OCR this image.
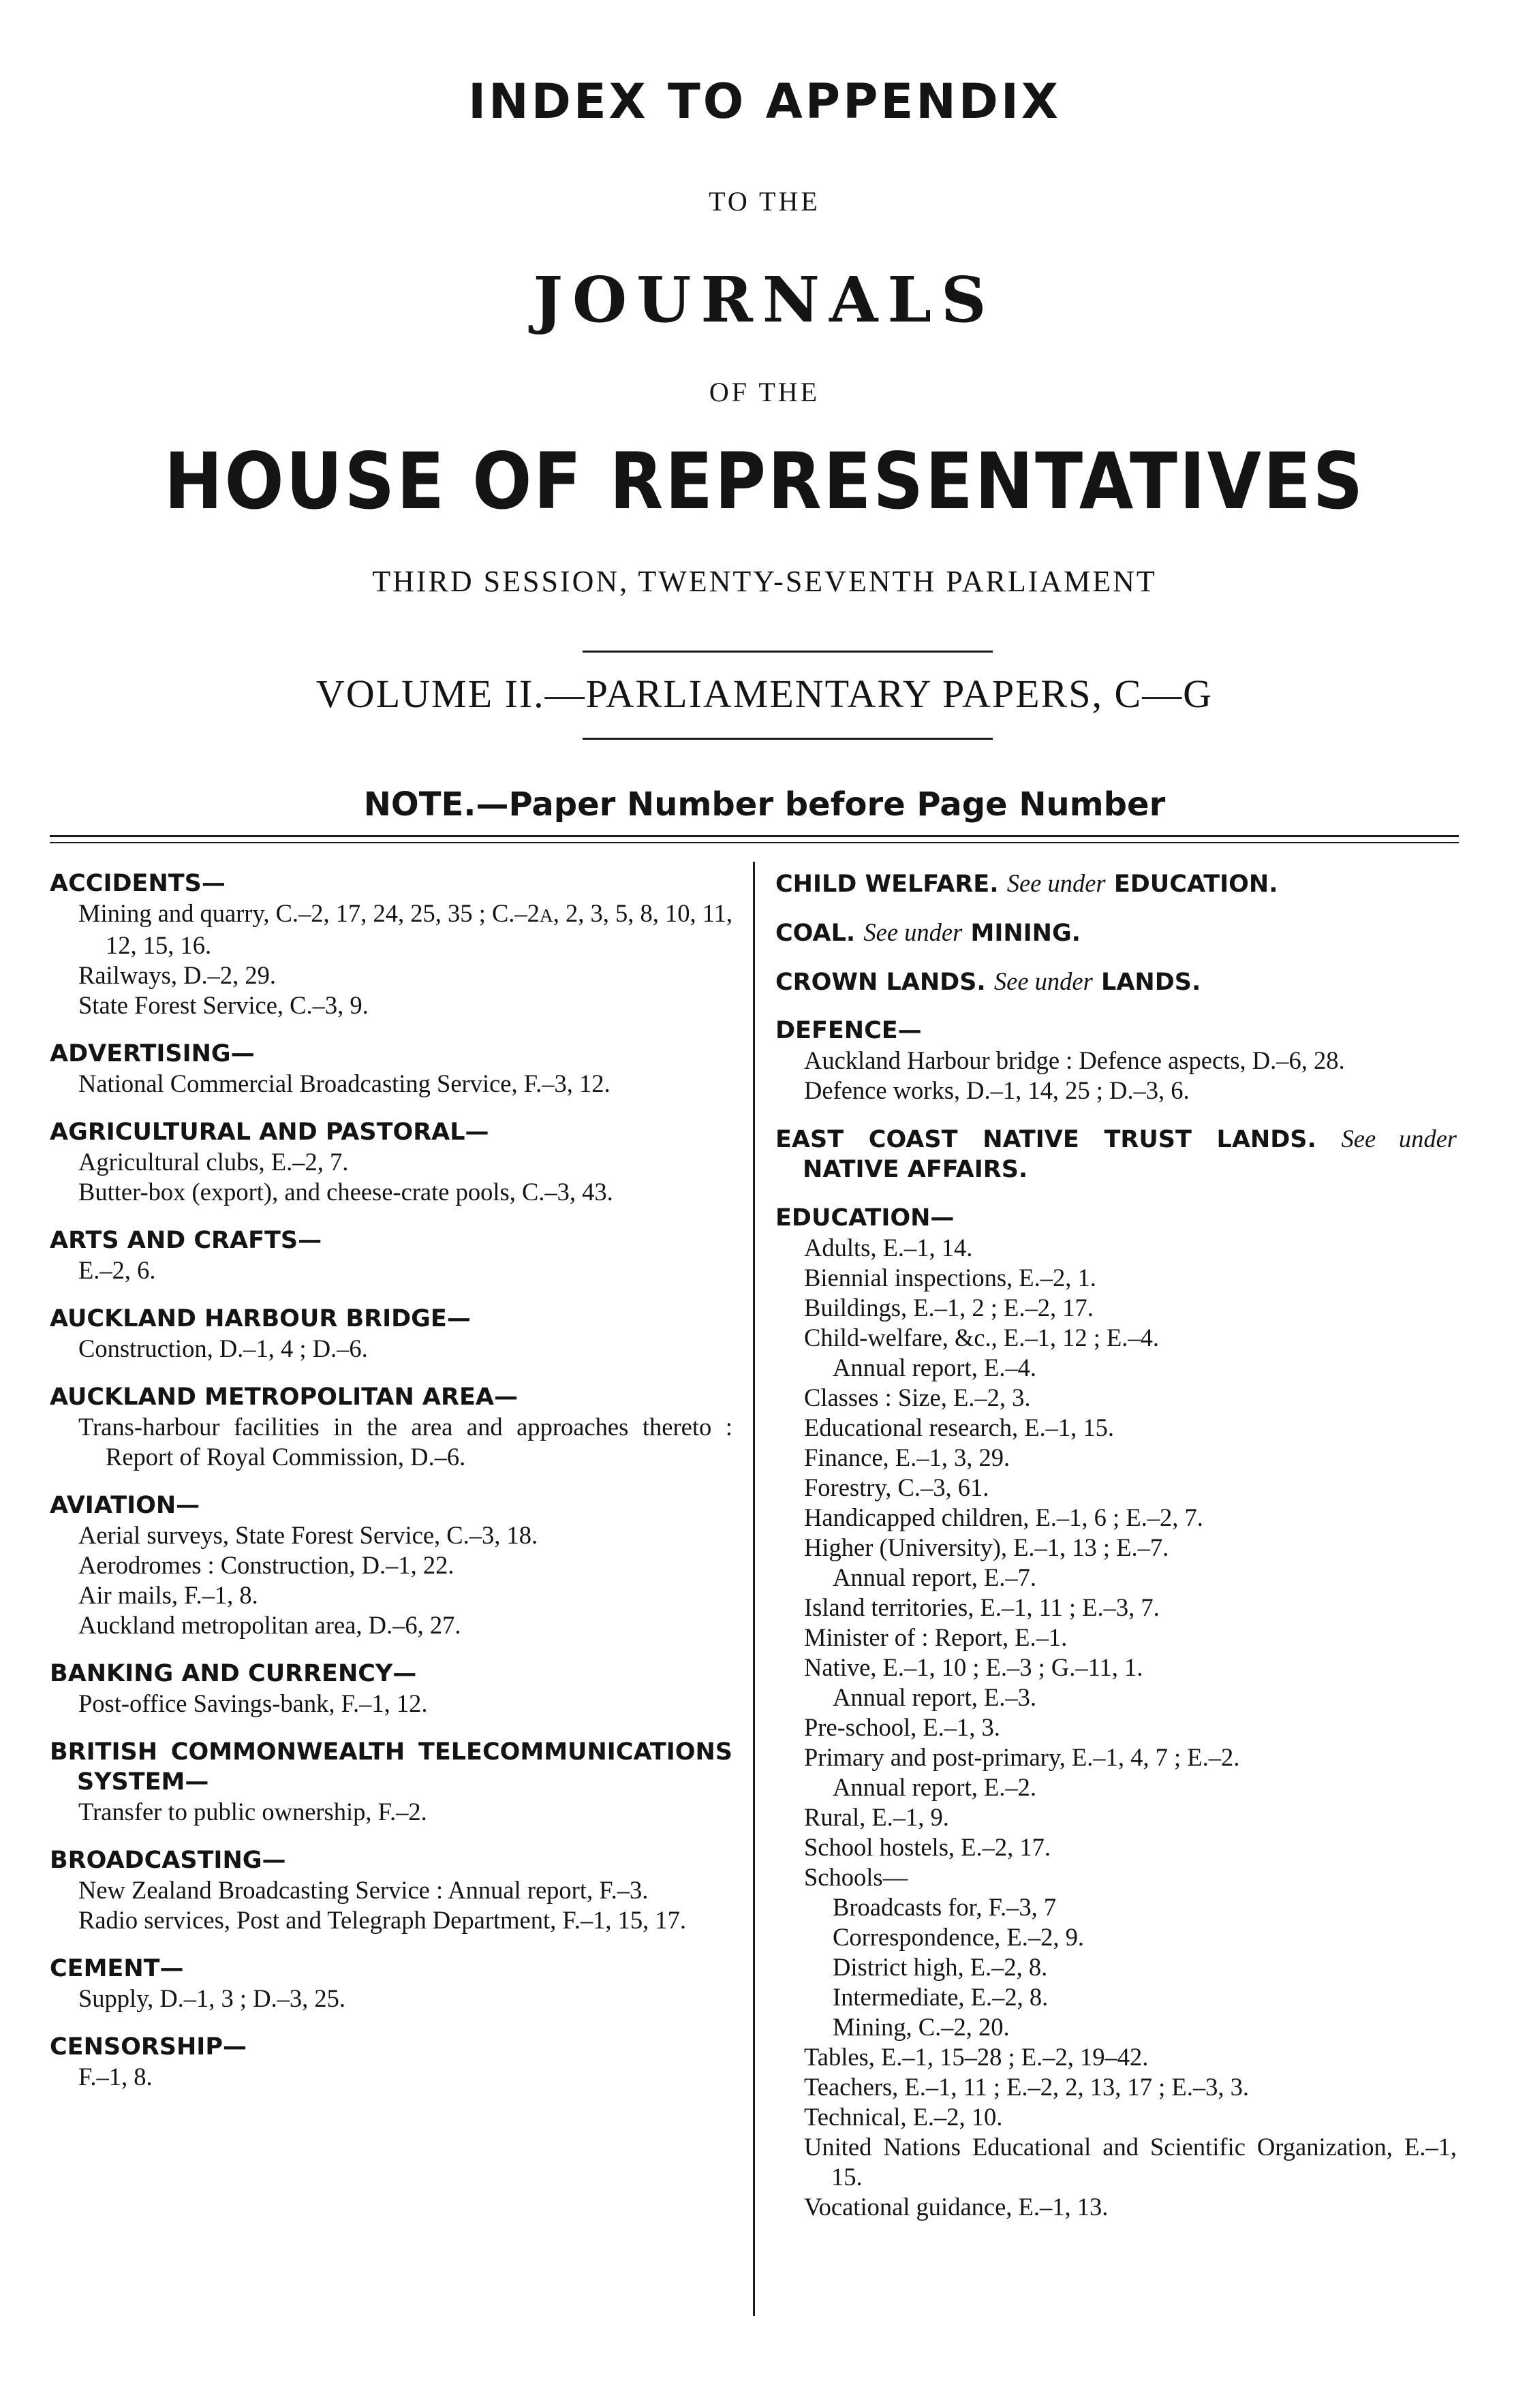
INDEX TO APPENDIX
TO THE
JOURNALS
OF THE
HOUSE OF REPRESENTATIVES
THIRD SESSION, TWENTY-SEVENTH PARLIAMENT
VOLUME II.—PARLIAMENTARY PAPERS, C—G
NOTE.—Paper Number before Page Number
ACCIDENTS—
Mining and quarry, C.–2, 17, 24, 25, 35 ; C.–2A, 2, 3, 5, 8, 10, 11, 12, 15, 16.
Railways, D.–2, 29.
State Forest Service, C.–3, 9.
ADVERTISING—
National Commercial Broadcasting Service, F.–3, 12.
AGRICULTURAL AND PASTORAL—
Agricultural clubs, E.–2, 7.
Butter-box (export), and cheese-crate pools, C.–3, 43.
ARTS AND CRAFTS—
E.–2, 6.
AUCKLAND HARBOUR BRIDGE—
Construction, D.–1, 4 ; D.–6.
AUCKLAND METROPOLITAN AREA—
Trans-harbour facilities in the area and approaches thereto : Report of Royal Commission, D.–6.
AVIATION—
Aerial surveys, State Forest Service, C.–3, 18.
Aerodromes : Construction, D.–1, 22.
Air mails, F.–1, 8.
Auckland metropolitan area, D.–6, 27.
BANKING AND CURRENCY—
Post-office Savings-bank, F.–1, 12.
BRITISH COMMONWEALTH TELECOMMUNICATIONS SYSTEM—
Transfer to public ownership, F.–2.
BROADCASTING—
New Zealand Broadcasting Service : Annual report, F.–3.
Radio services, Post and Telegraph Department, F.–1, 15, 17.
CEMENT—
Supply, D.–1, 3 ; D.–3, 25.
CENSORSHIP—
F.–1, 8.
CHILD WELFARE. See under EDUCATION.
COAL. See under MINING.
CROWN LANDS. See under LANDS.
DEFENCE—
Auckland Harbour bridge : Defence aspects, D.–6, 28.
Defence works, D.–1, 14, 25 ; D.–3, 6.
EAST COAST NATIVE TRUST LANDS. See under NATIVE AFFAIRS.
EDUCATION—
Adults, E.–1, 14.
Biennial inspections, E.–2, 1.
Buildings, E.–1, 2 ; E.–2, 17.
Child-welfare, &c., E.–1, 12 ; E.–4.
Annual report, E.–4.
Classes : Size, E.–2, 3.
Educational research, E.–1, 15.
Finance, E.–1, 3, 29.
Forestry, C.–3, 61.
Handicapped children, E.–1, 6 ; E.–2, 7.
Higher (University), E.–1, 13 ; E.–7.
Annual report, E.–7.
Island territories, E.–1, 11 ; E.–3, 7.
Minister of : Report, E.–1.
Native, E.–1, 10 ; E.–3 ; G.–11, 1.
Annual report, E.–3.
Pre-school, E.–1, 3.
Primary and post-primary, E.–1, 4, 7 ; E.–2.
Annual report, E.–2.
Rural, E.–1, 9.
School hostels, E.–2, 17.
Schools—
Broadcasts for, F.–3, 7
Correspondence, E.–2, 9.
District high, E.–2, 8.
Intermediate, E.–2, 8.
Mining, C.–2, 20.
Tables, E.–1, 15–28 ; E.–2, 19–42.
Teachers, E.–1, 11 ; E.–2, 2, 13, 17 ; E.–3, 3.
Technical, E.–2, 10.
United Nations Educational and Scientific Organization, E.–1, 15.
Vocational guidance, E.–1, 13.
